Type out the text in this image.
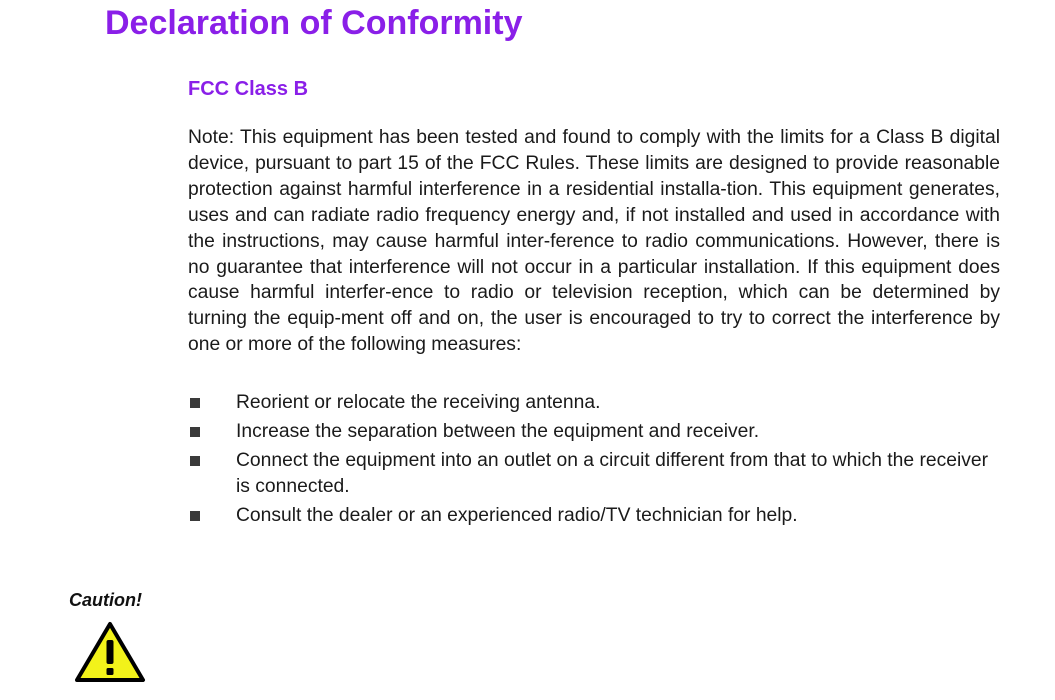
Declaration of Conformity
FCC Class B

Note: This equipment has been tested and found to comply with the limits for a Class B digital device, pursuant to part 15 of the FCC Rules. These limits are designed to provide reasonable protection against harmful interference in a residential installa-tion. This equipment generates, uses and can radiate radio frequency energy and, if not installed and used in accordance with the instructions, may cause harmful inter-ference to radio communications. However, there is no guarantee that interference will not occur in a particular installation. If this equipment does cause harmful interfer-ence to radio or television reception, which can be determined by turning the equip-ment off and on, the user is encouraged to try to correct the interference by one or more of the following measures:

Reorient or relocate the receiving antenna.
Increase the separation between the equipment and receiver.
Connect the equipment into an outlet on a circuit different from that to which the receiver is connected.
Consult the dealer or an experienced radio/TV technician for help.
Caution!
